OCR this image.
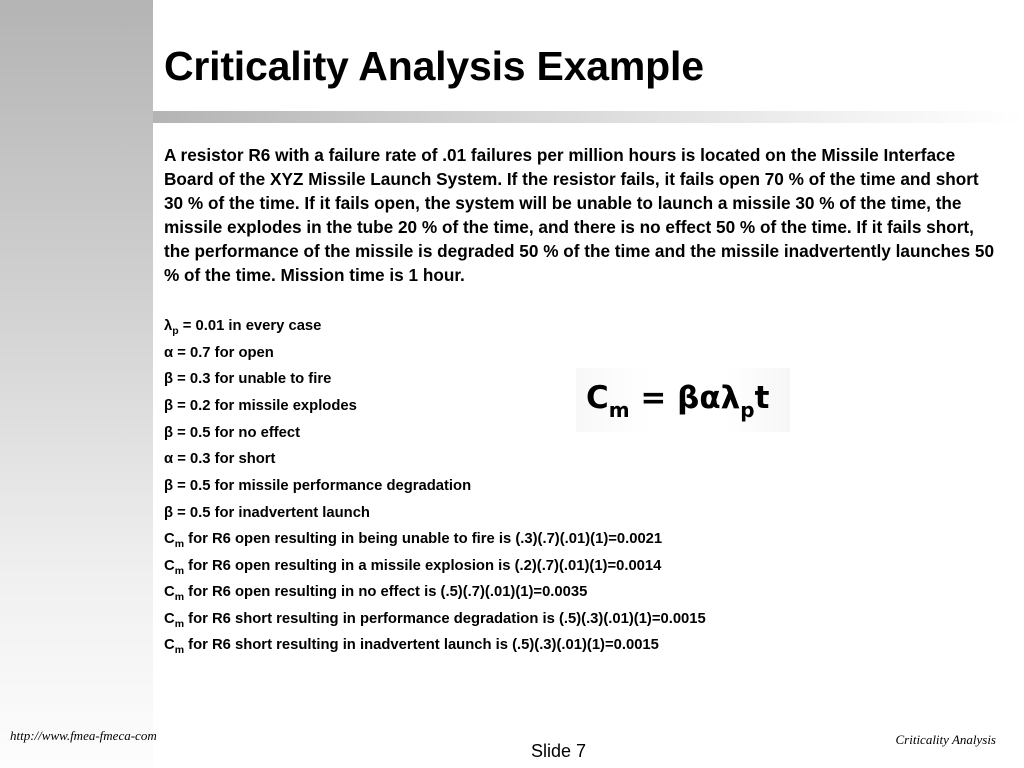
Criticality Analysis Example

A resistor R6 with a failure rate of .01 failures per million hours is located on the Missile Interface Board of the XYZ Missile Launch System. If the resistor fails, it fails open 70 % of the time and short 30 % of the time. If it fails open, the system will be unable to launch a missile 30 % of the time, the missile explodes in the tube 20 % of the time, and there is no effect 50 % of the time. If it fails short, the performance of the missile is degraded 50 % of the time and the missile inadvertently launches 50 % of the time. Mission time is 1 hour.

$\lambda_p = 0.01$ in every case
α = 0.7 for open
β = 0.3 for unable to fire
β = 0.2 for missile explodes
β = 0.5 for no effect
α = 0.3 for short
β = 0.5 for missile performance degradation
β = 0.5 for inadvertent launch
$C_m = \beta\alpha\lambda_pt$
$C_m$ for R6 open resulting in being unable to fire is (.3)(.7)(.01)(1)=0.0021
$C_m$ for R6 open resulting in a missile explosion is (.2)(.7)(.01)(1)=0.0014
$C_m$ for R6 open resulting in no effect is (.5)(.7)(.01)(1)=0.0035
$C_m$ for R6 short resulting in performance degradation is (.5)(.3)(.01)(1)=0.0015
$C_m$ for R6 short resulting in inadvertent launch is (.5)(.3)(.01)(1)=0.0015
http://www.fmea-fmeca-com
Slide 7
Criticality Analysis
